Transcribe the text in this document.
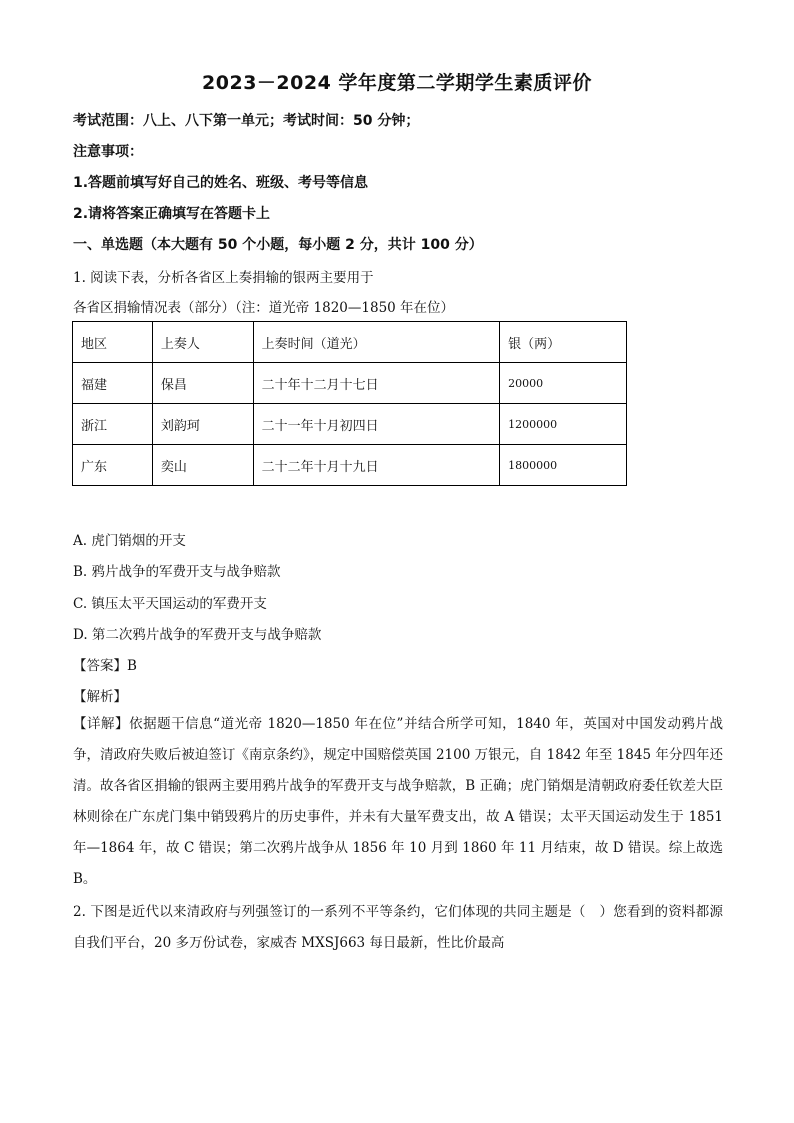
2023－2024 学年度第二学期学生素质评价
考试范围：八上、八下第一单元；考试时间：50 分钟；
注意事项：
1.答题前填写好自己的姓名、班级、考号等信息
2.请将答案正确填写在答题卡上
一、单选题（本大题有 50 个小题，每小题 2 分，共计 100 分）
1. 阅读下表，分析各省区上奏捐输的银两主要用于
各省区捐输情况表（部分）（注：道光帝 1820—1850 年在位）
地区	上奏人	上奏时间（道光）	银（两）
福建	保昌	二十年十二月十七日	20000
浙江	刘韵珂	二十一年十月初四日	1200000
广东	奕山	二十二年十月十九日	1800000
A. 虎门销烟的开支
B. 鸦片战争的军费开支与战争赔款
C. 镇压太平天国运动的军费开支
D. 第二次鸦片战争的军费开支与战争赔款
【答案】B
【解析】
【详解】依据题干信息“道光帝 1820—1850 年在位”并结合所学可知，1840 年，英国对中国发动鸦片战争，清政府失败后被迫签订《南京条约》，规定中国赔偿英国 2100 万银元，自 1842 年至 1845 年分四年还清。故各省区捐输的银两主要用鸦片战争的军费开支与战争赔款，B 正确；虎门销烟是清朝政府委任钦差大臣林则徐在广东虎门集中销毁鸦片的历史事件，并未有大量军费支出，故 A 错误；太平天国运动发生于 1851 年—1864 年，故 C 错误；第二次鸦片战争从 1856 年 10 月到 1860 年 11 月结束，故 D 错误。综上故选 B。
2. 下图是近代以来清政府与列强签订的一系列不平等条约，它们体现的共同主题是（　）您看到的资料都源自我们平台，20 多万份试卷，家威杏 MXSJ663 每日最新，性比价最高
